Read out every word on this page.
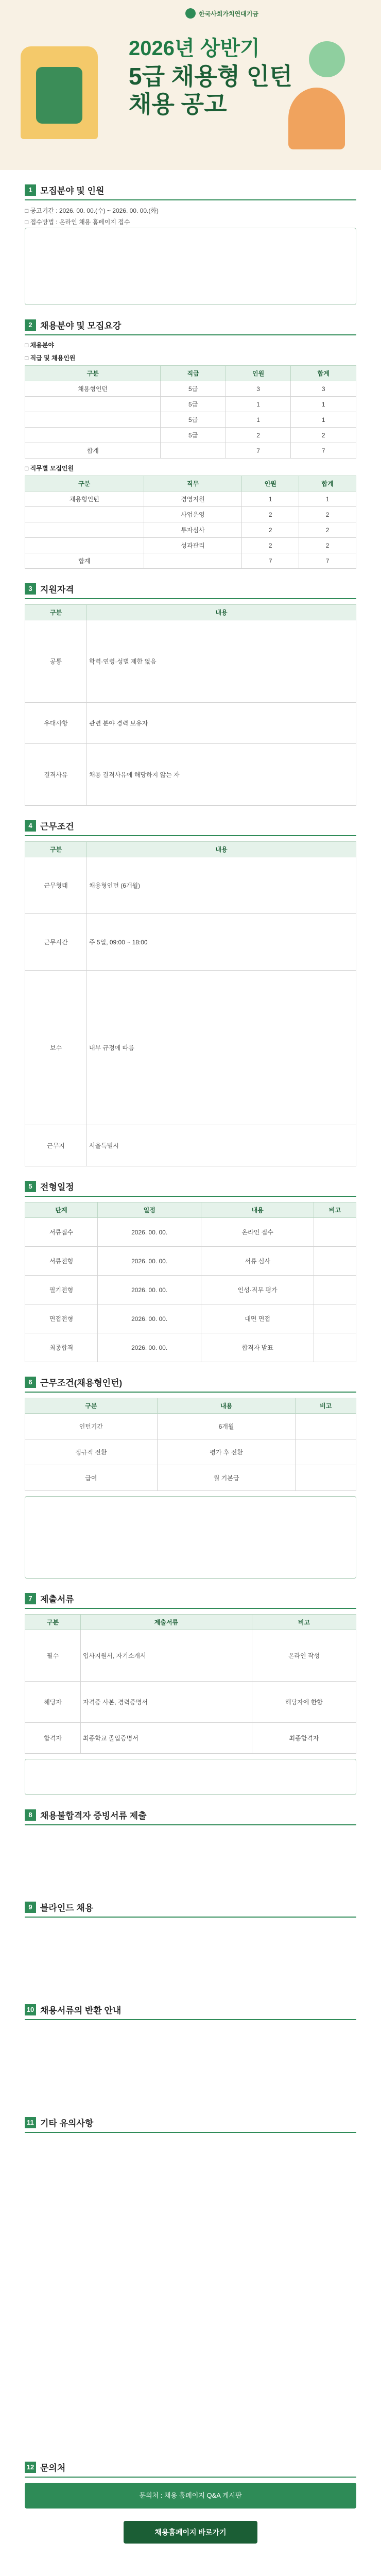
한국사회가치연대기금
2026년 상반기
5급 채용형 인턴
채용 공고
1 모집분야 및 인원
□ 공고기간 : 2026. 00. 00.(수) ~ 2026. 00. 00.(화)
□ 접수방법 : 온라인 채용 홈페이지 접수
2 채용분야 및 모집요강
□ 채용분야
□ 직급 및 채용인원
구분	직급	인원	합계
채용형인턴	5급	3	3
	5급	1	1
	5급	1	1
	5급	2	2
합계		7	7
□ 직무별 모집인원
구분	직무	인원	합계
채용형인턴	경영지원	1	1
	사업운영	2	2
	투자심사	2	2
	성과관리	2	2
합계		7	7
3 지원자격
구분	내용
공통	학력·연령·성별 제한 없음
우대사항	관련 분야 경력 보유자
결격사유	채용 결격사유에 해당하지 않는 자
4 근무조건
구분	내용
근무형태	채용형인턴 (6개월)
근무시간	주 5일, 09:00 ~ 18:00
보수	내부 규정에 따름
근무지	서울특별시
5 전형일정
단계	일정	내용	비고
서류접수	2026. 00. 00.	온라인 접수	
서류전형	2026. 00. 00.	서류 심사	
필기전형	2026. 00. 00.	인성·직무 평가	
면접전형	2026. 00. 00.	대면 면접	
최종합격	2026. 00. 00.	합격자 발표	
6 근무조건(채용형인턴)
구분	내용	비고
인턴기간	6개월	
정규직 전환	평가 후 전환	
급여	월 기본급	
7 제출서류
구분	제출서류	비고
필수	입사지원서, 자기소개서	온라인 작성
해당자	자격증 사본, 경력증명서	해당자에 한함
합격자	최종학교 졸업증명서	최종합격자
8 채용불합격자 증빙서류 제출
9 블라인드 채용
10 채용서류의 반환 안내
11 기타 유의사항
12 문의처
문의처 : 채용 홈페이지 Q&A 게시판
채용홈페이지 바로가기
